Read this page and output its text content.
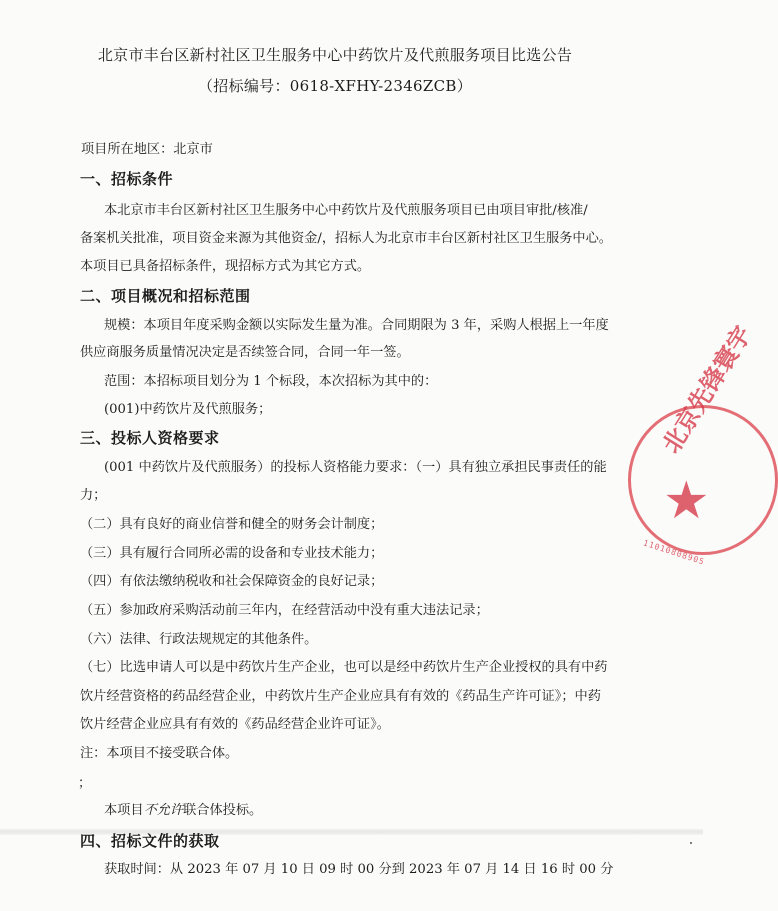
北京市丰台区新村社区卫生服务中心中药饮片及代煎服务项目比选公告
（招标编号：0618-XFHY-2346ZCB）
项目所在地区：北京市
一、招标条件
本北京市丰台区新村社区卫生服务中心中药饮片及代煎服务项目已由项目审批/核准/
备案机关批准，项目资金来源为其他资金/，招标人为北京市丰台区新村社区卫生服务中心。
本项目已具备招标条件，现招标方式为其它方式。
二、项目概况和招标范围
规模：本项目年度采购金额以实际发生量为准。合同期限为 3 年，采购人根据上一年度
供应商服务质量情况决定是否续签合同，合同一年一签。
范围：本招标项目划分为 1 个标段，本次招标为其中的：
(001)中药饮片及代煎服务；
三、投标人资格要求
(001 中药饮片及代煎服务）的投标人资格能力要求：（一）具有独立承担民事责任的能
力；
（二）具有良好的商业信誉和健全的财务会计制度；
（三）具有履行合同所必需的设备和专业技术能力；
（四）有依法缴纳税收和社会保障资金的良好记录；
（五）参加政府采购活动前三年内，在经营活动中没有重大违法记录；
（六）法律、行政法规规定的其他条件。
（七）比选申请人可以是中药饮片生产企业，也可以是经中药饮片生产企业授权的具有中药
饮片经营资格的药品经营企业，中药饮片生产企业应具有有效的《药品生产许可证》；中药
饮片经营企业应具有有效的《药品经营企业许可证》。
注：本项目不接受联合体。
；
本项目不允许联合体投标。
四、招标文件的获取
获取时间：从 2023 年 07 月 10 日 09 时 00 分到 2023 年 07 月 14 日 16 时 00 分
北京先锋寰宇
★
11010808905
